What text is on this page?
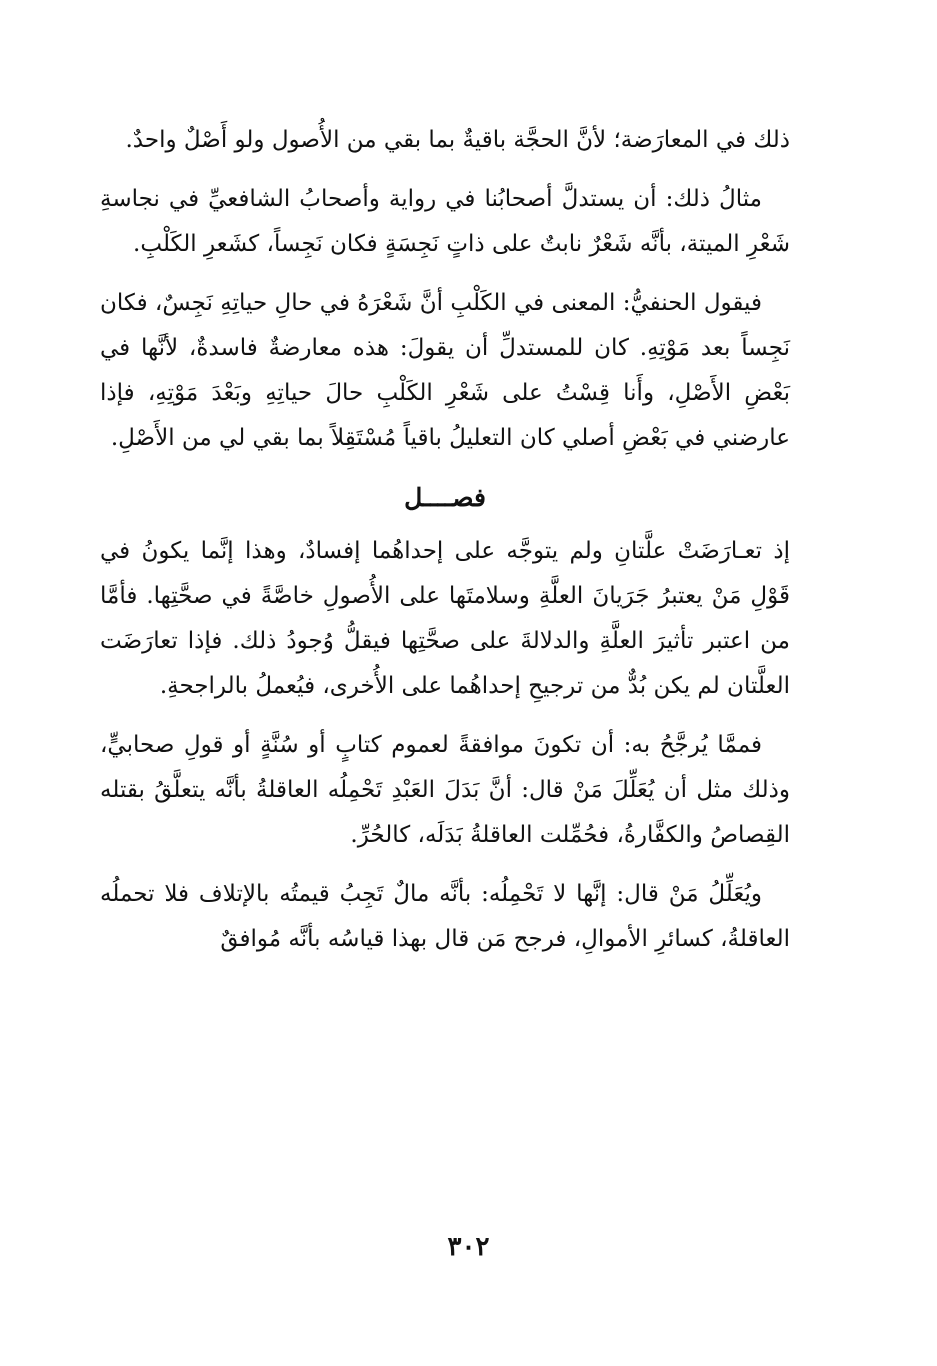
ذلك في المعارَضة؛ لأنَّ الحجَّة باقيةٌ بما بقي من الأُصول ولو أَصْلٌ واحدٌ.

مثالُ ذلك: أن يستدلَّ أصحابُنا في رواية وأصحابُ الشافعيِّ في نجاسةِ شَعْرِ الميتة، بأنَّه شَعْرٌ نابتٌ على ذاتٍ نَجِسَةٍ فكان نَجِساً، كشَعرِ الكَلْبِ.

فيقول الحنفيُّ: المعنى في الكَلْبِ أنَّ شَعْرَهُ في حالِ حياتِهِ نَجِسٌ، فكان نَجِساً بعد مَوْتِهِ. كان للمستدلِّ أن يقولَ: هذه معارضةٌ فاسدةٌ، لأنَّها في بَعْضِ الأَصْلِ، وأَنا قِسْتُ على شَعْرِ الكَلْبِ حالَ حياتِهِ وبَعْدَ مَوْتِهِ، فإذا عارضني في بَعْضِ أصلي كان التعليلُ باقياً مُسْتَقِلاً بما بقي لي من الأَصْلِ.

فصــــل

إذ تعـارَضَتْ علَّتانِ ولم يتوجَّه على إحداهُما إفسادٌ، وهذا إنَّما يكونُ في قَوْلِ مَنْ يعتبرُ جَرَيانَ العلَّةِ وسلامتَها على الأُصولِ خاصَّةً في صحَّتِها. فأمَّا من اعتبر تأثيرَ العلَّةِ والدلالةَ على صحَّتِها فيقلُّ وُجودُ ذلك. فإذا تعارَضَت العلَّتان لم يكن بُدٌّ من ترجيحِ إحداهُما على الأُخرى، فيُعملُ بالراجحةِ.

فممَّا يُرجَّحُ به: أن تكونَ موافقةً لعموم كتابٍ أو سُنَّةٍ أو قولِ صحابيٍّ، وذلك مثل أن يُعَلِّلَ مَنْ قال: أنَّ بَدَلَ العَبْدِ تَحْمِلُه العاقلةُ بأنَّه يتعلَّقُ بقتله القِصاصُ والكفَّارةُ، فحُمِّلت العاقلةُ بَدَلَه، كالحُرِّ.

ويُعَلِّلُ مَنْ قال: إنَّها لا تَحْمِلُه: بأنَّه مالٌ تَجِبُ قيمتُه بالإتلاف فلا تحملُه العاقلةُ، كسائرِ الأموالِ، فرجح مَن قال بهذا قياسُه بأنَّه مُوافقٌ

٣٠٢
